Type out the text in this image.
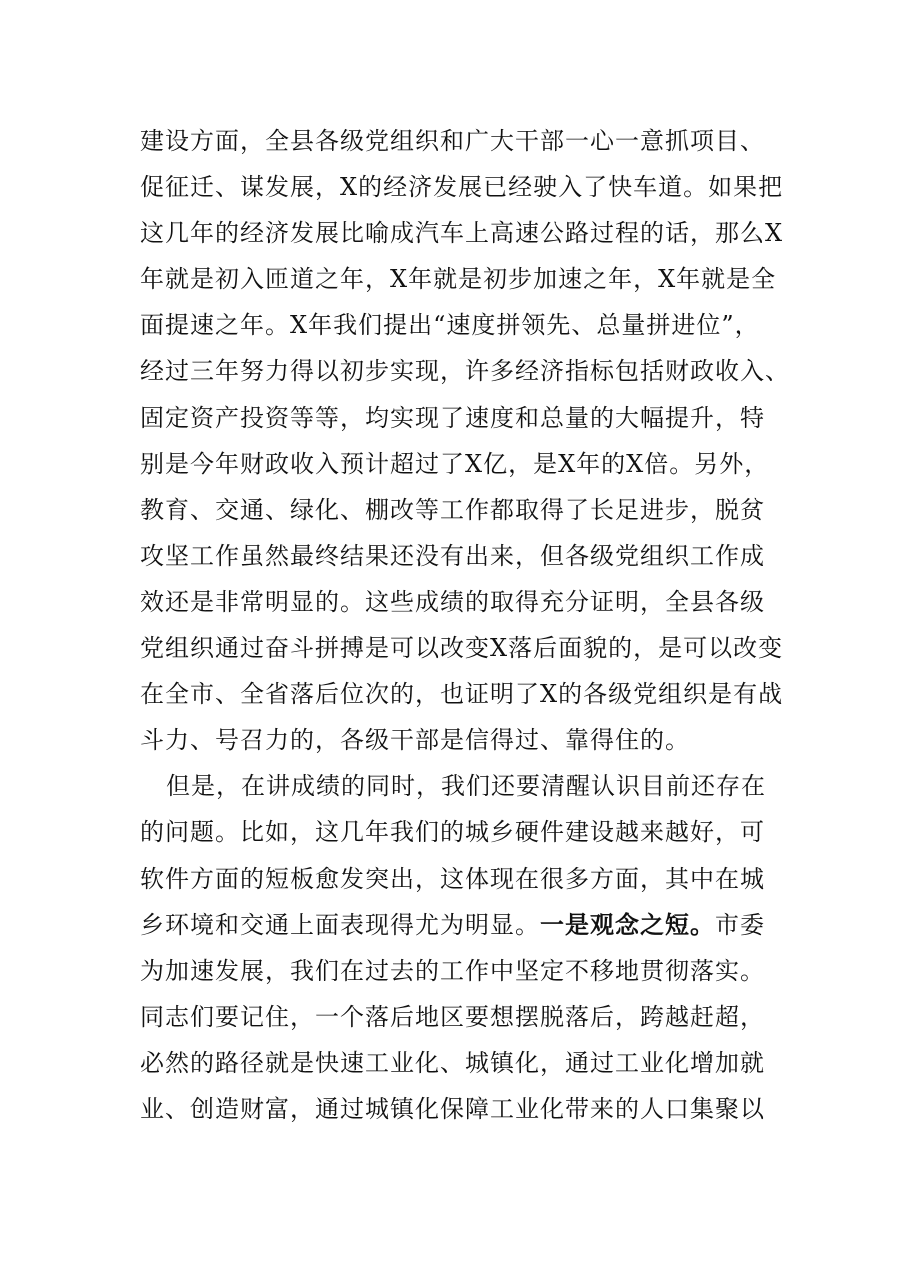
建设方面，全县各级党组织和广大干部一心一意抓项目、
促征迁、谋发展，X的经济发展已经驶入了快车道。如果把
这几年的经济发展比喻成汽车上高速公路过程的话，那么X
年就是初入匝道之年，X年就是初步加速之年，X年就是全
面提速之年。X年我们提出“速度拼领先、总量拼进位”，
经过三年努力得以初步实现，许多经济指标包括财政收入、
固定资产投资等等，均实现了速度和总量的大幅提升，特
别是今年财政收入预计超过了X亿，是X年的X倍。另外，
教育、交通、绿化、棚改等工作都取得了长足进步，脱贫
攻坚工作虽然最终结果还没有出来，但各级党组织工作成
效还是非常明显的。这些成绩的取得充分证明，全县各级
党组织通过奋斗拼搏是可以改变X落后面貌的，是可以改变
在全市、全省落后位次的，也证明了X的各级党组织是有战
斗力、号召力的，各级干部是信得过、靠得住的。
但是，在讲成绩的同时，我们还要清醒认识目前还存在
的问题。比如，这几年我们的城乡硬件建设越来越好，可
软件方面的短板愈发突出，这体现在很多方面，其中在城
乡环境和交通上面表现得尤为明显。一是观念之短。市委
为加速发展，我们在过去的工作中坚定不移地贯彻落实。
同志们要记住，一个落后地区要想摆脱落后，跨越赶超，
必然的路径就是快速工业化、城镇化，通过工业化增加就
业、创造财富，通过城镇化保障工业化带来的人口集聚以
